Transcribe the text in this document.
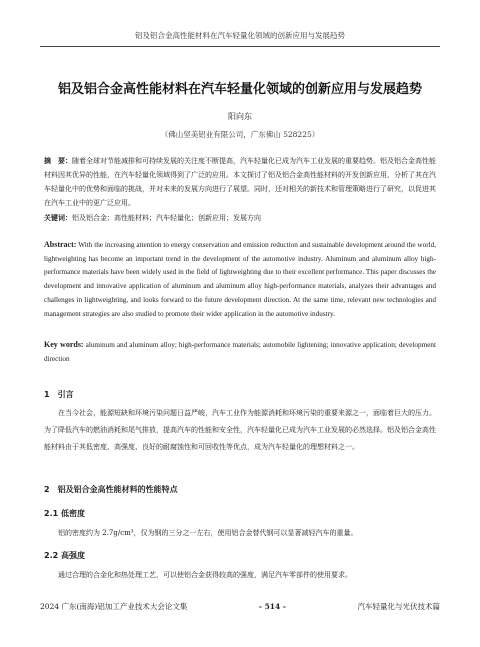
铝及铝合金高性能材料在汽车轻量化领域的创新应用与发展趋势
铝及铝合金高性能材料在汽车轻量化领域的创新应用与发展趋势
阳向东
（佛山坚美铝业有限公司，广东佛山 528225）
摘　要：随着全球对节能减排和可持续发展的关注度不断提高，汽车轻量化已成为汽车工业发展的重要趋势。铝及铝合金高性能材料因其优异的性能，在汽车轻量化领域得到了广泛的应用。本文探讨了铝及铝合金高性能材料的开发创新应用，分析了其在汽车轻量化中的优势和面临的挑战，并对未来的发展方向进行了展望。同时，还对相关的新技术和管理策略进行了研究，以促进其在汽车工业中的更广泛应用。
关键词：铝及铝合金；高性能材料；汽车轻量化；创新应用；发展方向
Abstract: With the increasing attention to energy conservation and emission reduction and sustainable development around the world, lightweighting has become an important trend in the development of the automotive industry. Aluminum and aluminum alloy high-performance materials have been widely used in the field of lightweighting due to their excellent performance. This paper discusses the development and innovative application of aluminum and aluminum alloy high-performance materials, analyzes their advantages and challenges in lightweighting, and looks forward to the future development direction. At the same time, relevant new technologies and management strategies are also studied to promote their wider application in the automotive industry.
Key words: aluminum and aluminum alloy; high-performance materials; automobile lightening; innovative application; development direction
1　引言
在当今社会，能源短缺和环境污染问题日益严峻，汽车工业作为能源消耗和环境污染的重要来源之一，面临着巨大的压力。为了降低汽车的燃油消耗和尾气排放，提高汽车的性能和安全性，汽车轻量化已成为汽车工业发展的必然选择。铝及铝合金高性能材料由于其低密度、高强度、良好的耐腐蚀性和可回收性等优点，成为汽车轻量化的理想材料之一。
2　铝及铝合金高性能材料的性能特点
2.1 低密度
铝的密度约为 2.7g/cm³，仅为钢的三分之一左右，使用铝合金替代钢可以显著减轻汽车的重量。
2.2 高强度
通过合理的合金化和热处理工艺，可以使铝合金获得较高的强度，满足汽车零部件的使用要求。
2024 广东(南海)铝加工产业技术大会论文集	- 514 -	汽车轻量化与光伏技术篇
